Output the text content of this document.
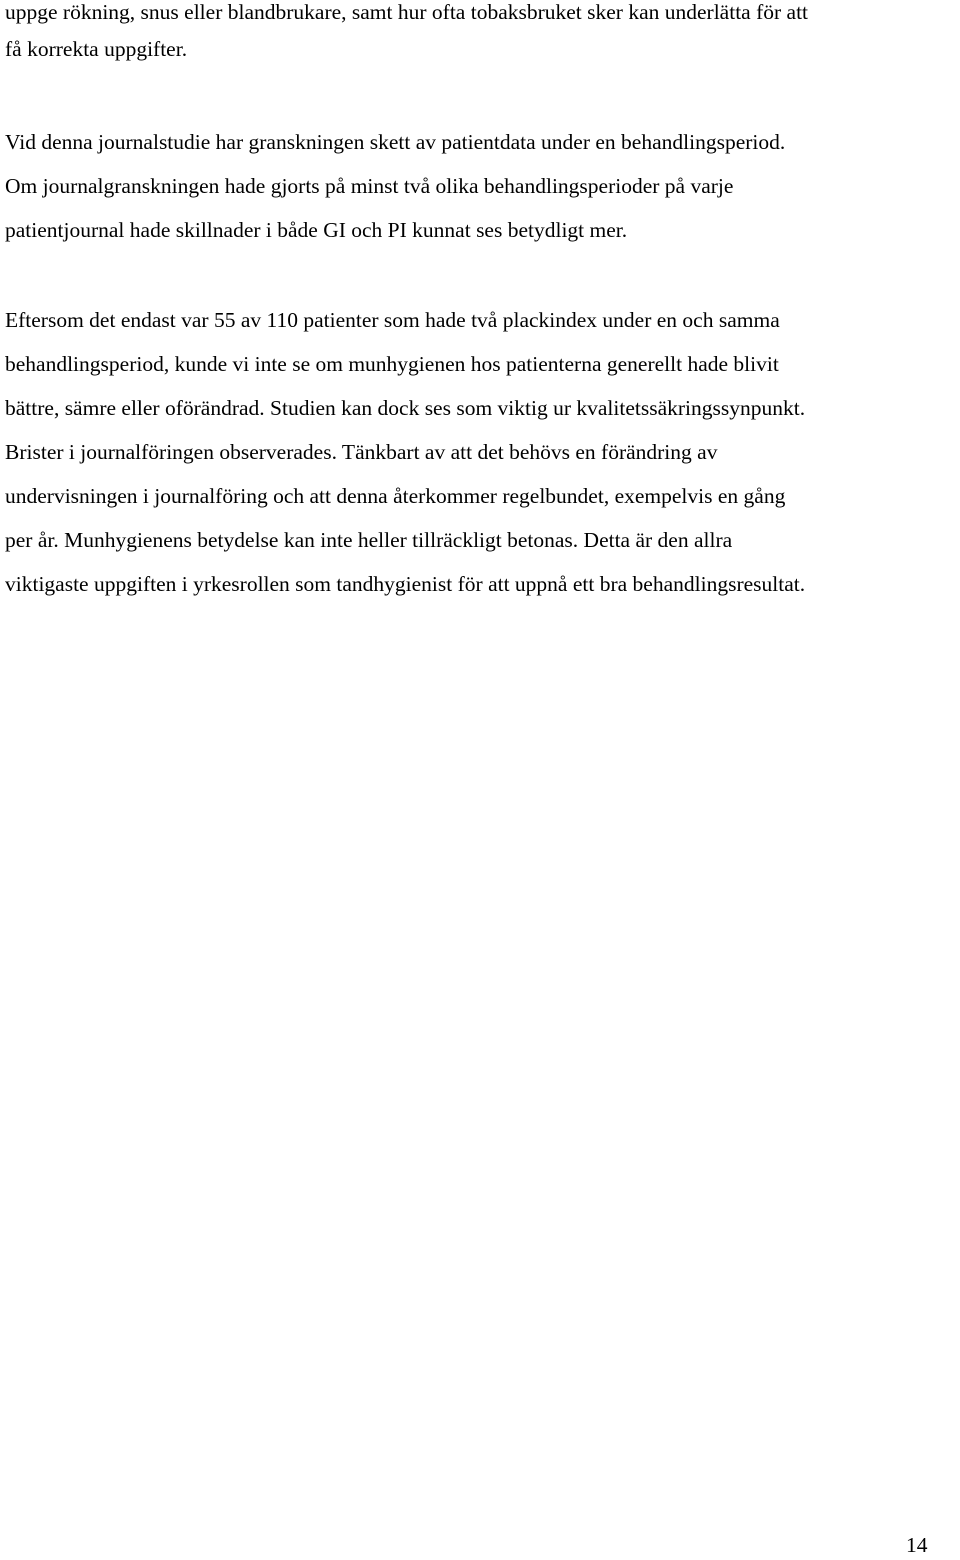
uppge rökning, snus eller blandbrukare, samt hur ofta tobaksbruket sker kan underlätta för att

få korrekta uppgifter.

Vid denna journalstudie har granskningen skett av patientdata under en behandlingsperiod.

Om journalgranskningen hade gjorts på minst två olika behandlingsperioder på varje

patientjournal hade skillnader i både GI och PI kunnat ses betydligt mer.

Eftersom det endast var 55 av 110 patienter som hade två plackindex under en och samma

behandlingsperiod, kunde vi inte se om munhygienen hos patienterna generellt hade blivit

bättre, sämre eller oförändrad. Studien kan dock ses som viktig ur kvalitetssäkringssynpunkt.

Brister i journalföringen observerades. Tänkbart av att det behövs en förändring av

undervisningen i journalföring och att denna återkommer regelbundet, exempelvis en gång

per år. Munhygienens betydelse kan inte heller tillräckligt betonas. Detta är den allra

viktigaste uppgiften i yrkesrollen som tandhygienist för att uppnå ett bra behandlingsresultat.

14
